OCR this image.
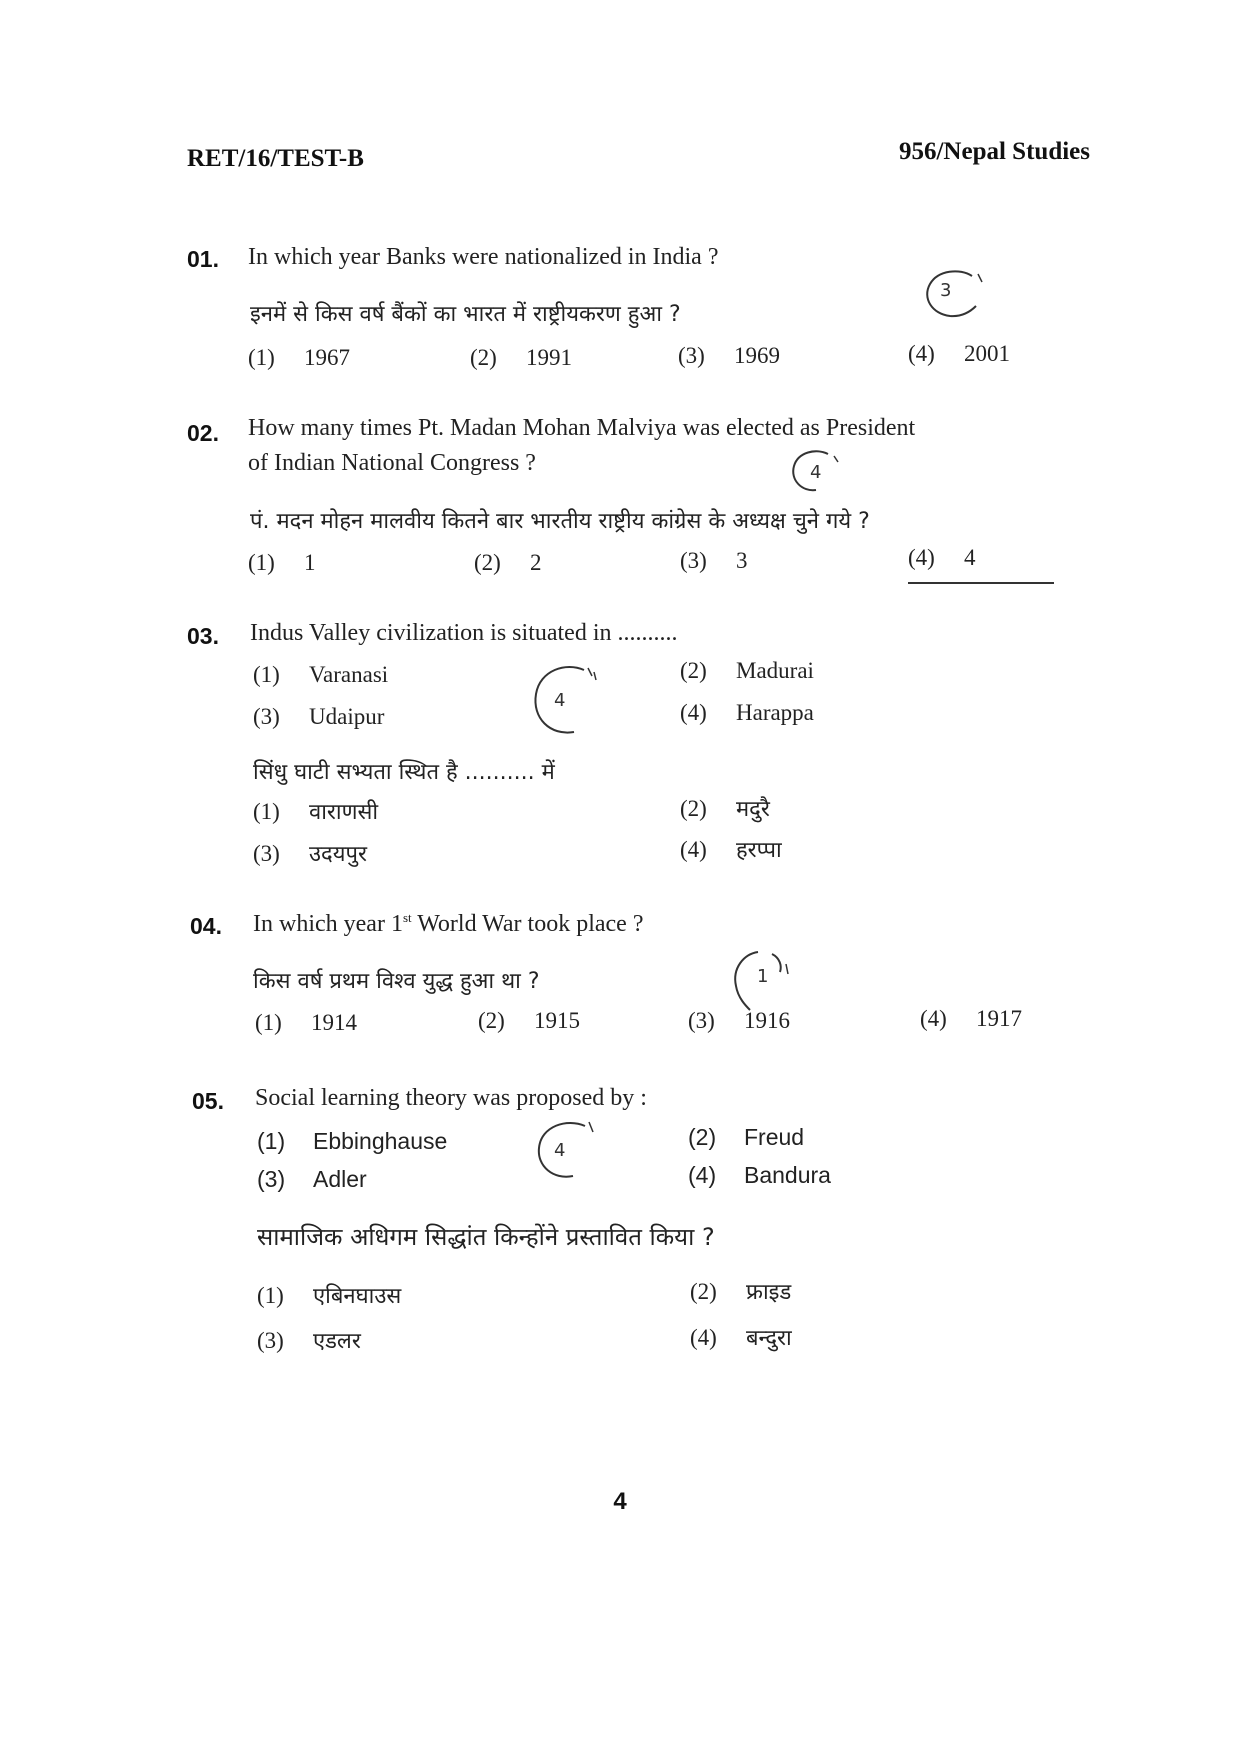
RET/16/TEST-B	956/Nepal Studies
01. In which year Banks were nationalized in India ?
इनमें से किस वर्ष बैंकों का भारत में राष्ट्रीयकरण हुआ ?
(1) 1967	(2) 1991	(3) 1969	(4) 2001
3
02. How many times Pt. Madan Mohan Malviya was elected as President
of Indian National Congress ?
पं. मदन मोहन मालवीय कितने बार भारतीय राष्ट्रीय कांग्रेस के अध्यक्ष चुने गये ?
(1) 1	(2) 2	(3) 3	(4) 4
4
03. Indus Valley civilization is situated in ..........
(1) Varanasi	(2) Madurai
(3) Udaipur	(4) Harappa
4
सिंधु घाटी सभ्यता स्थित है .......... में
(1) वाराणसी	(2) मदुरै
(3) उदयपुर	(4) हरप्पा
04. In which year 1st World War took place ?
किस वर्ष प्रथम विश्व युद्ध हुआ था ?
(1) 1914	(2) 1915	(3) 1916	(4) 1917
1
05. Social learning theory was proposed by :
(1) Ebbinghause	(2) Freud
(3) Adler	(4) Bandura
4
सामाजिक अधिगम सिद्धांत किन्होंने प्रस्तावित किया ?
(1) एबिनघाउस	(2) फ्राइड
(3) एडलर	(4) बन्दुरा
4
